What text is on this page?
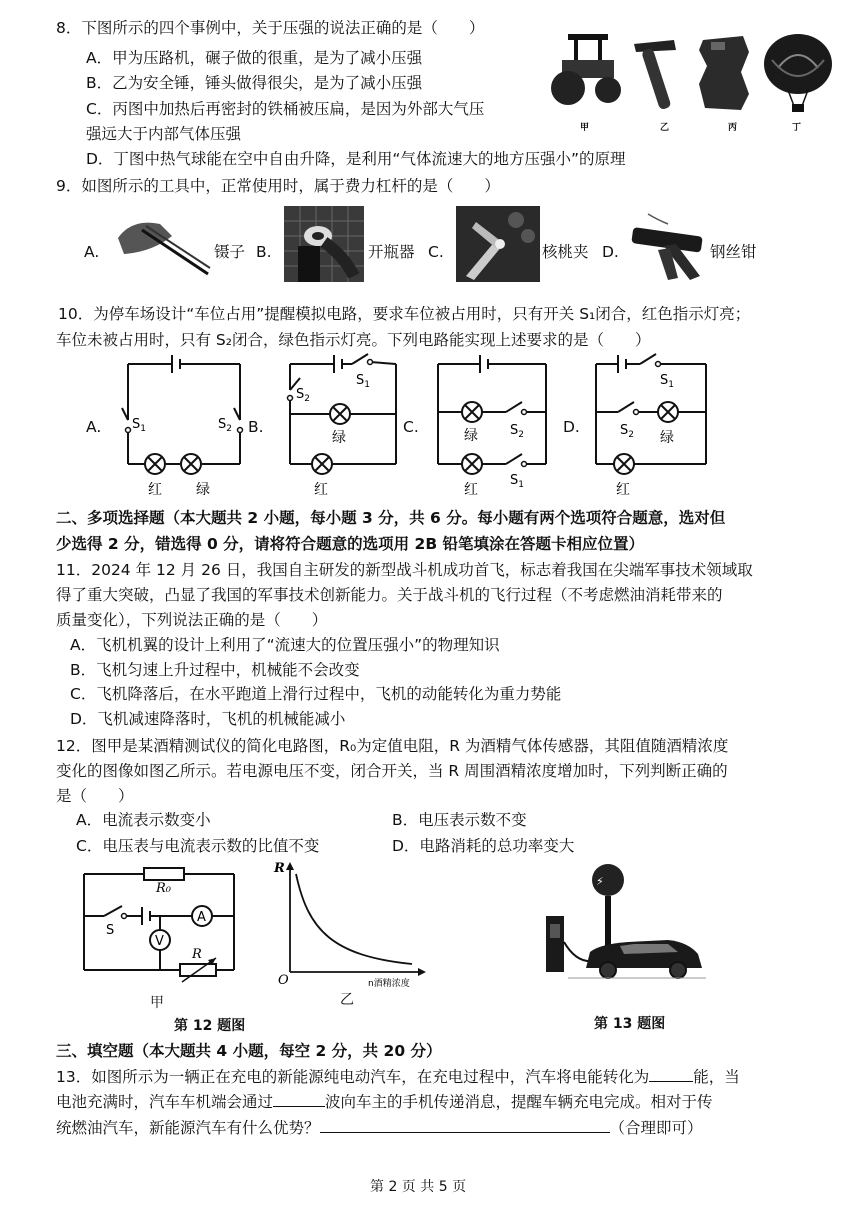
8．下图所示的四个事例中，关于压强的说法正确的是（　　）
A．甲为压路机，碾子做的很重，是为了减小压强
B．乙为安全锤，锤头做得很尖，是为了减小压强
C．丙图中加热后再密封的铁桶被压扁，是因为外部大气压
强远大于内部气体压强
D．丁图中热气球能在空中自由升降，是利用“气体流速大的地方压强小”的原理
甲	乙	丙	丁
9．如图所示的工具中，正常使用时，属于费力杠杆的是（　　）
A.	镊子 B.	开瓶器 C.	核桃夹 D.	钢丝钳
10．为停车场设计“车位占用”提醒模拟电路，要求车位被占用时，只有开关 S₁闭合，红色指示灯亮；
车位未被占用时，只有 S₂闭合，绿色指示灯亮。下列电路能实现上述要求的是（　　）
A.	B.	C.	D.
$S_1$	$S_2$
红 绿
$S_2$
$S_1$
绿
红
绿 $S_2$
红
$S_1$
$S_1$
$S_2$ 绿
红
二、多项选择题（本大题共 2 小题，每小题 3 分，共 6 分。每小题有两个选项符合题意，选对但
少选得 2 分，错选得 0 分，请将符合题意的选项用 2B 铅笔填涂在答题卡相应位置）
11．2024 年 12 月 26 日，我国自主研发的新型战斗机成功首飞，标志着我国在尖端军事技术领域取
得了重大突破，凸显了我国的军事技术创新能力。关于战斗机的飞行过程（不考虑燃油消耗带来的
质量变化），下列说法正确的是（　　）
A．飞机机翼的设计上利用了“流速大的位置压强小”的物理知识
B．飞机匀速上升过程中，机械能不会改变
C．飞机降落后，在水平跑道上滑行过程中，飞机的动能转化为重力势能
D．飞机减速降落时，飞机的机械能减小
12．图甲是某酒精测试仪的简化电路图，R₀为定值电阻，R 为酒精气体传感器，其阻值随酒精浓度
变化的图像如图乙所示。若电源电压不变，闭合开关，当 R 周围酒精浓度增加时，下列判断正确的
是（　　）
A．电流表示数变小	B．电压表示数不变
C．电压表与电流表示数的比值不变	D．电路消耗的总功率变大
A
V
R₀
S
R
甲
R
O	n酒精浓度
乙
⚡
第 12 题图	第 13 题图
三、填空题（本大题共 4 小题，每空 2 分，共 20 分）
13．如图所示为一辆正在充电的新能源纯电动汽车，在充电过程中，汽车将电能转化为	能，当
电池充满时，汽车车机端会通过	波向车主的手机传递消息，提醒车辆充电完成。相对于传
统燃油汽车，新能源汽车有什么优势？	（合理即可）
第 2 页 共 5 页
